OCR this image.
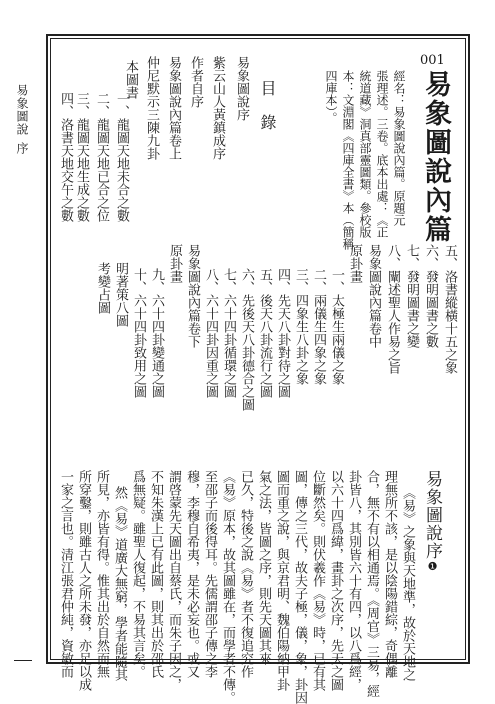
易象圖說
序
001
易象圖說內篇
經名：易象圖說內篇。原題元
張理述。三卷。底本出處：《正
統道藏》洞真部靈圖類。參校版
本：文淵閣《四庫全書》本（簡稱
四庫本）。
目錄
易象圖說序
紫云山人黃鎮成序
作者自序
易象圖說內篇卷上
仲尼默示三陳九卦
本圖書
一、龍圖天地未合之數
二、龍圖天地已合之位
三、龍圖天地生成之數
四、洛書天地交午之數
五、洛書縱橫十五之象
六、發明圖書之數
七、發明圖書之變
八、闡述聖人作易之旨
易象圖說內篇卷中
原卦畫
一、太極生兩儀之象
二、兩儀生四象之象
三、四象生八卦之象
四、先天八卦對待之圖
五、後天八卦流行之圖
六、先後天八卦德合之圖
七、六十四卦循環之圖
八、六十四卦因重之圖
易象圖說內篇卷下
原卦畫
九、六十四卦變通之圖
十、六十四卦致用之圖
明著策八圖
考變占圖
易象圖說序❶
《易》之象與天地準，故於天地之
理無所不該，是以陰陽錯綜，奇偶離
合，無不有以相通焉。《周官》三易，經
卦皆八，其別皆六十有四，以八爲經，
以六十四爲緯，畫卦之次序，先天之圖
位斷然矣。則伏羲作《易》時，已有其
圖，傳之三代，故夫子極，儀，象，卦因
圖而重之說，與京君明、魏伯陽納甲卦
氣之法，皆圖之序，則先天圖其來
已久，特後之說《易》者不復追究作
《易》原本，故其圖雖在，而學者不傳。
至邵子而後得耳。先儒謂邵子傳之李
穆，李穆自希夷，是未必妄也。或又
謂啓蒙先天圖出自蔡氏，而朱子因之，
不知朱漢上已有此圖，則其出於邵氏
爲無疑。雖聖人復起，不易其言矣。
然《易》道廣大無窮，學者能隨其
所見，亦皆有得。惟其出於自然而無
所穿鑿，則雖古人之所未發，亦足以成
一家之言也。清江張君仲純，資敏而
